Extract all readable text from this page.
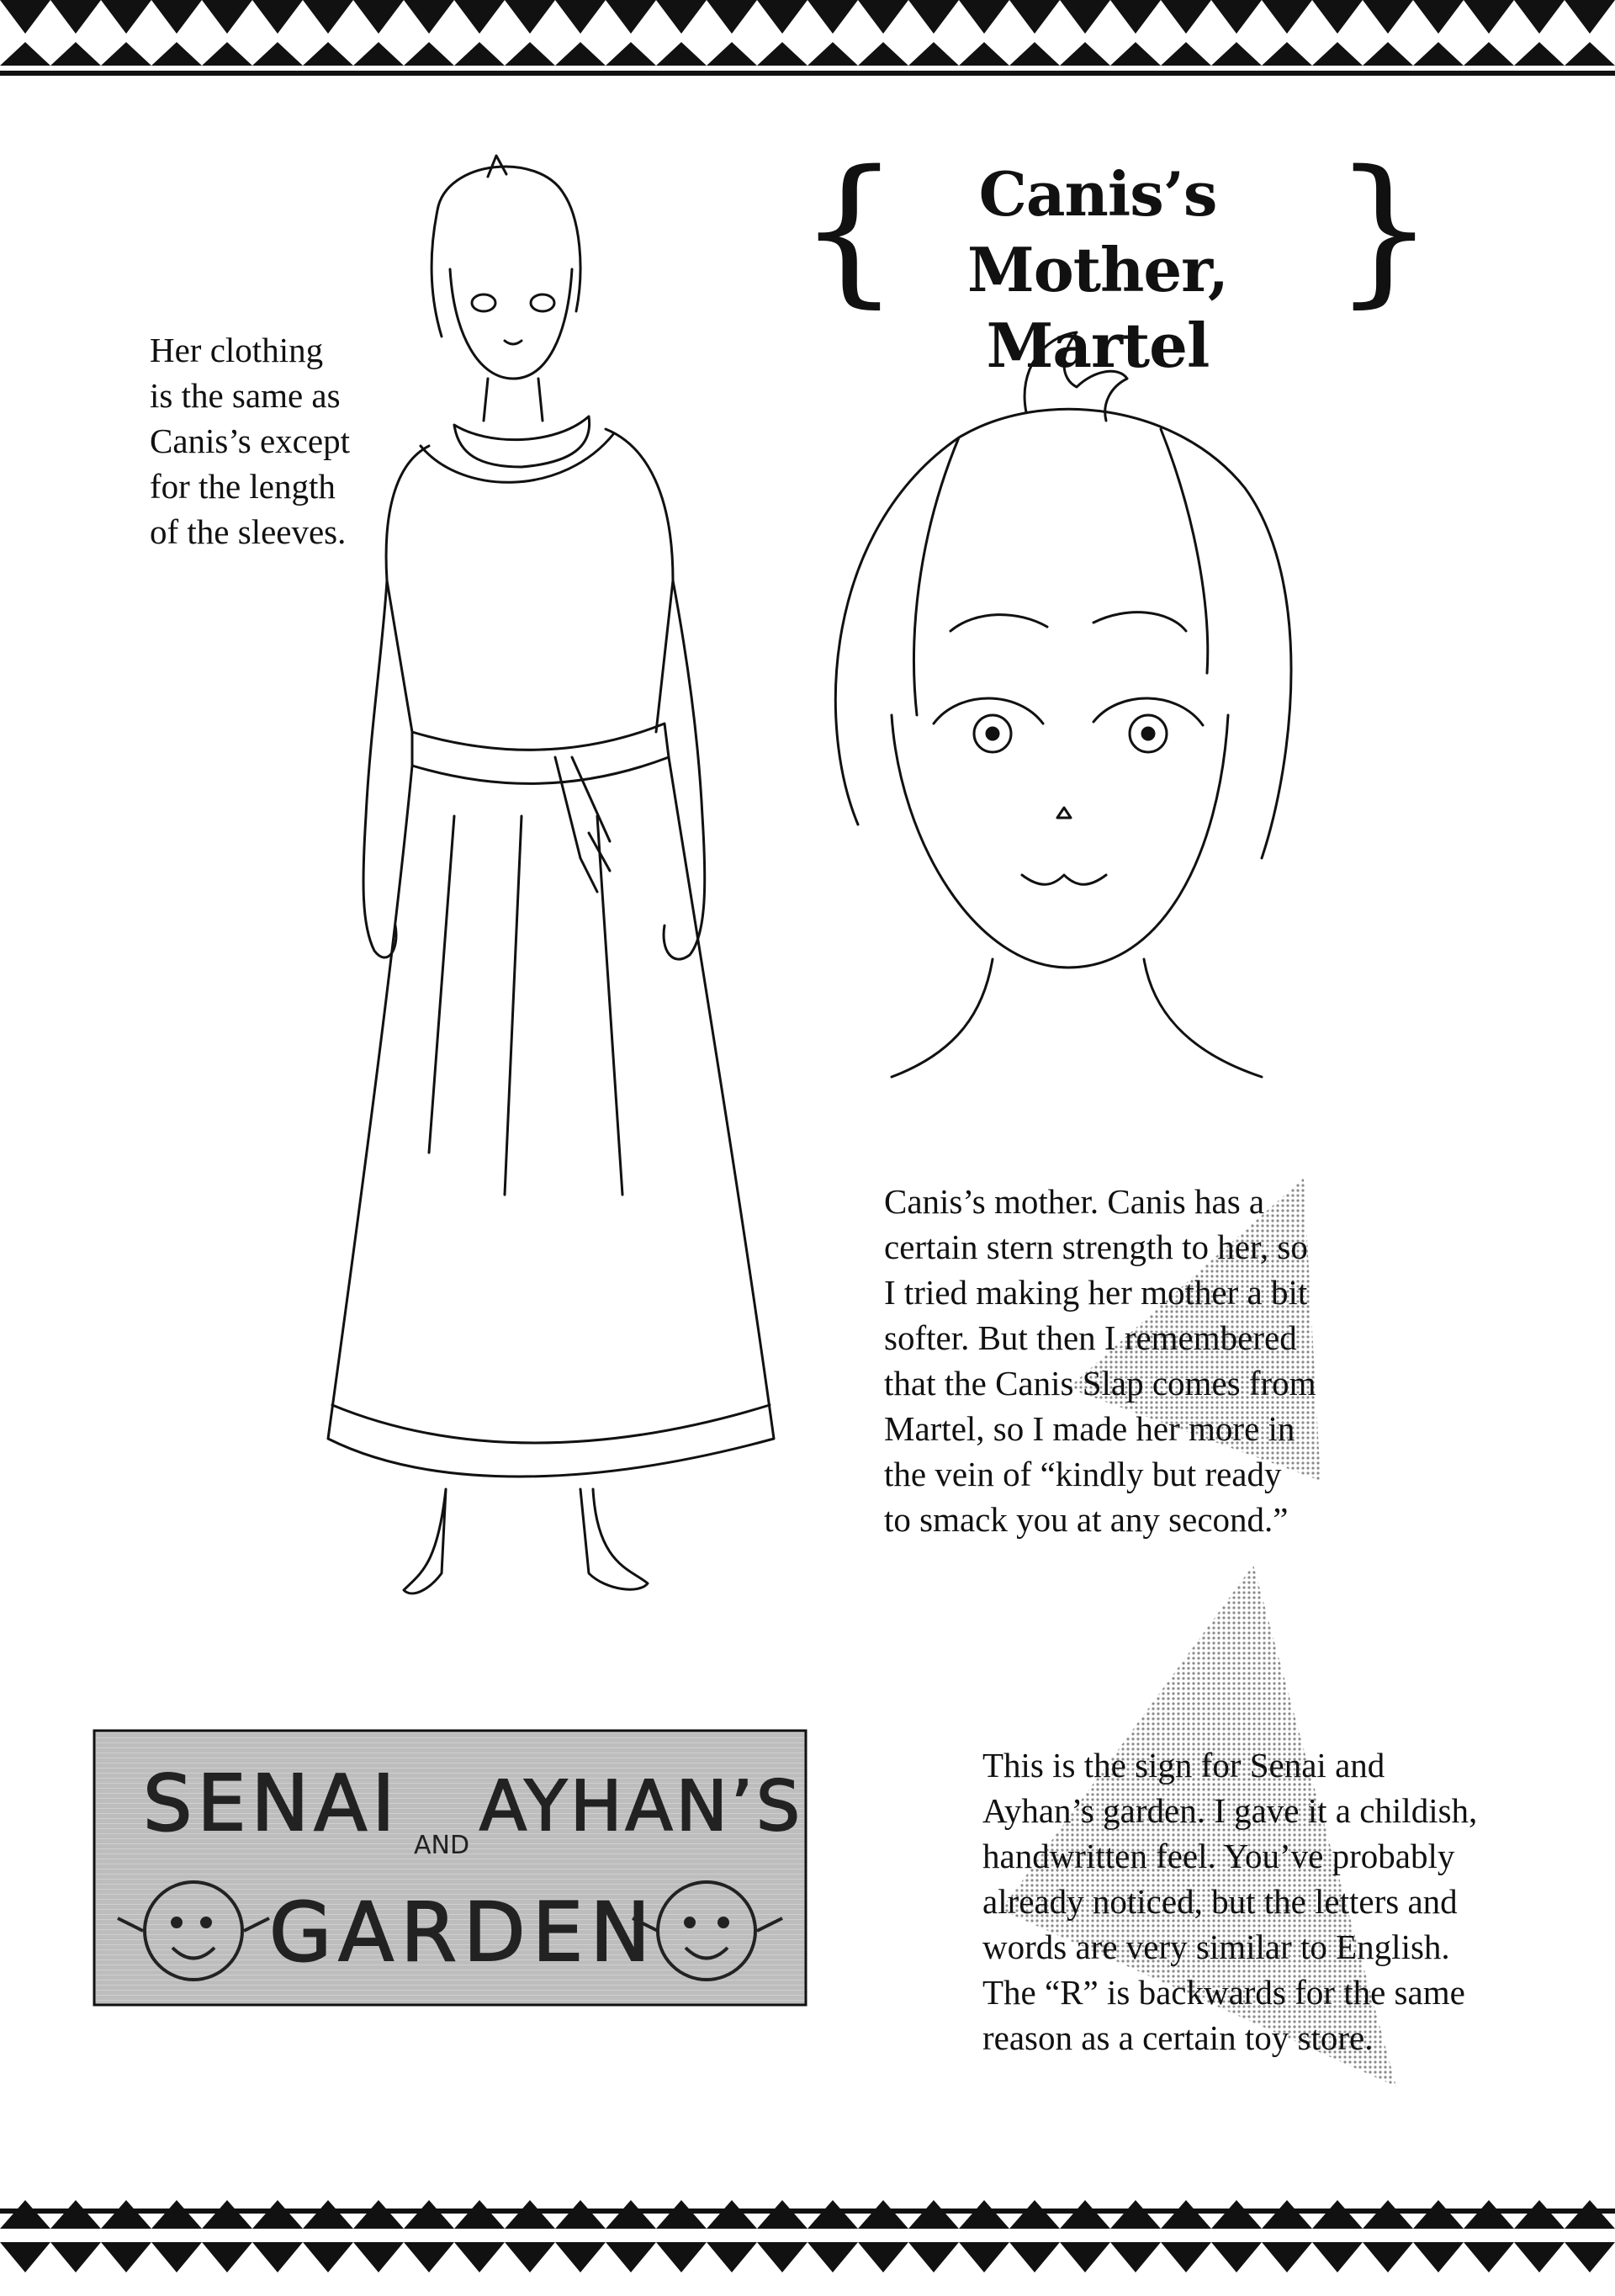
{	Canis’s Mother,
Martel
}
Her clothing
is the same as
Canis’s except
for the length
of the sleeves.
Canis’s mother. Canis has a
certain stern strength to her, so
I tried making her mother a bit
softer. But then I remembered
that the Canis Slap comes from
Martel, so I made her more in
the vein of “kindly but ready
to smack you at any second.”
SENAI AND AYHAN’S
GARDEN
This is the sign for Senai and
Ayhan’s garden. I gave it a childish,
handwritten feel. You’ve probably
already noticed, but the letters and
words are very similar to English.
The “R” is backwards for the same
reason as a certain toy store.
